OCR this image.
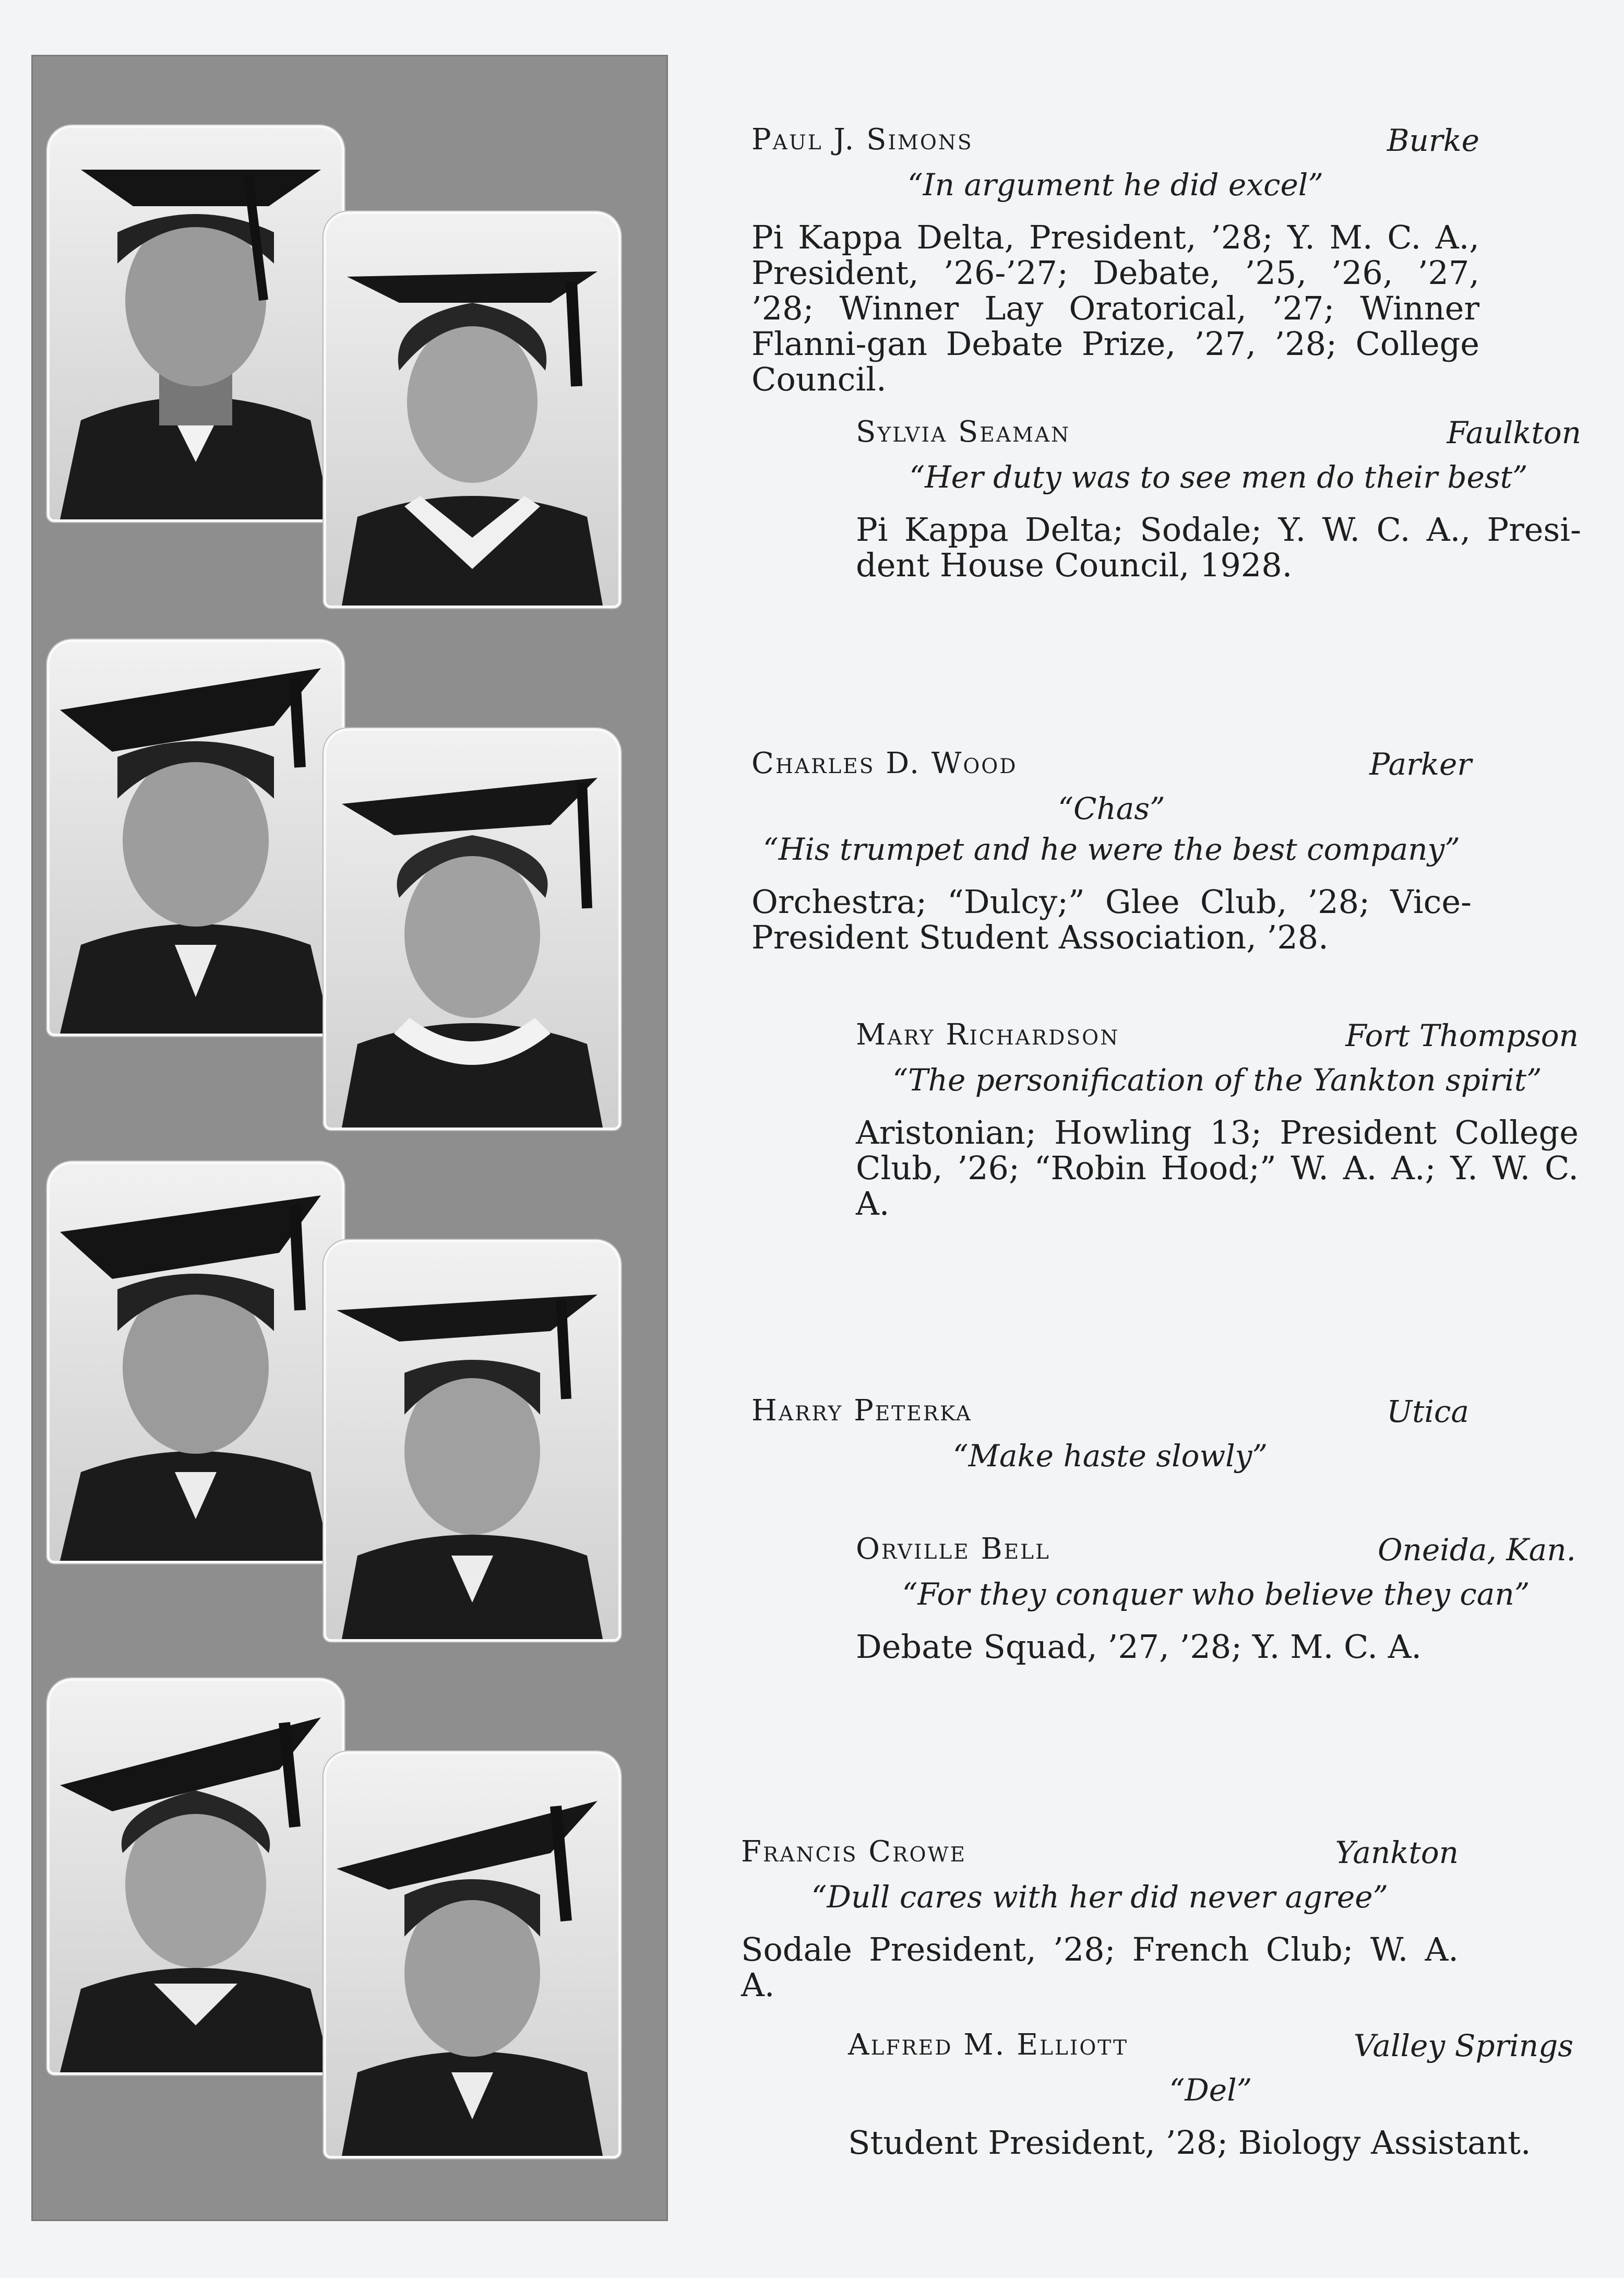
Paul J. Simons	Burke
“In argument he did excel”
Pi Kappa Delta, President, ’28; Y. M. C. A., President, ’26-’27; Debate, ’25, ’26, ’27, ’28; Winner Lay Oratorical, ’27; Winner Flanni-gan Debate Prize, ’27, ’28; College Council.
Sylvia Seaman	Faulkton
“Her duty was to see men do their best”
Pi Kappa Delta; Sodale; Y. W. C. A., Presi-dent House Council, 1928.
Charles D. Wood	Parker
“Chas”
“His trumpet and he were the best company”
Orchestra; “Dulcy;” Glee Club, ’28; Vice-President Student Association, ’28.
Mary Richardson	Fort Thompson
“The personification of the Yankton spirit”
Aristonian; Howling 13; President College Club, ’26; “Robin Hood;” W. A. A.; Y. W. C. A.
Harry Peterka	Utica
“Make haste slowly”
Orville Bell	Oneida, Kan.
“For they conquer who believe they can”
Debate Squad, ’27, ’28; Y. M. C. A.
Francis Crowe	Yankton
“Dull cares with her did never agree”
Sodale President, ’28; French Club; W. A. A.
Alfred M. Elliott	Valley Springs
“Del”
Student President, ’28; Biology Assistant.
